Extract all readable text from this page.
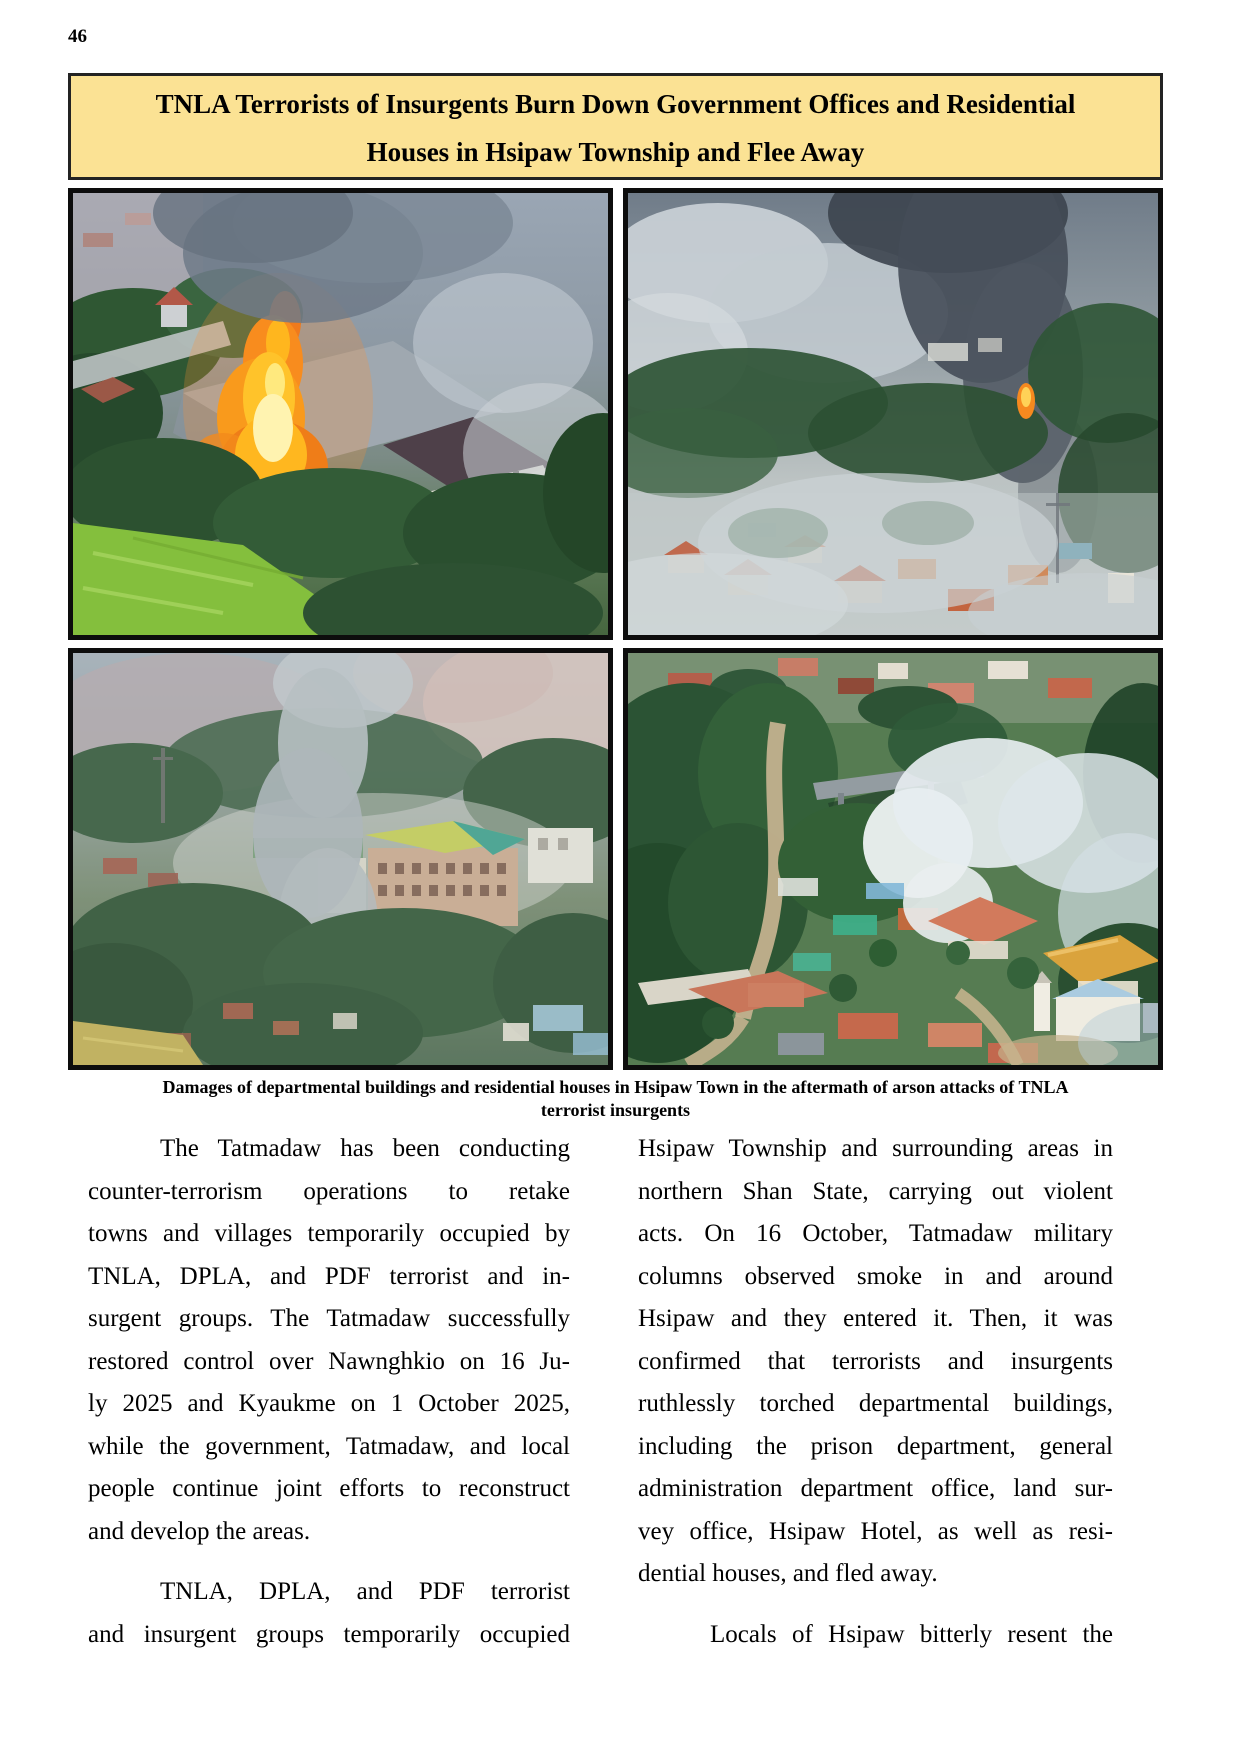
46
TNLA Terrorists of Insurgents Burn Down Government Offices and Residential
Houses in Hsipaw Township and Flee Away
Damages of departmental buildings and residential houses in Hsipaw Town in the aftermath of arson attacks of TNLA
terrorist insurgents
The Tatmadaw has been conducting
counter-terrorism operations to retake
towns and villages temporarily occupied by
TNLA, DPLA, and PDF terrorist and in-
surgent groups. The Tatmadaw successfully
restored control over Nawnghkio on 16 Ju-
ly 2025 and Kyaukme on 1 October 2025,
while the government, Tatmadaw, and local
people continue joint efforts to reconstruct
and develop the areas.
TNLA, DPLA, and PDF terrorist
and insurgent groups temporarily occupied
Hsipaw Township and surrounding areas in
northern Shan State, carrying out violent
acts. On 16 October, Tatmadaw military
columns observed smoke in and around
Hsipaw and they entered it. Then, it was
confirmed that terrorists and insurgents
ruthlessly torched departmental buildings,
including the prison department, general
administration department office, land sur-
vey office, Hsipaw Hotel, as well as resi-
dential houses, and fled away.
Locals of Hsipaw bitterly resent the
